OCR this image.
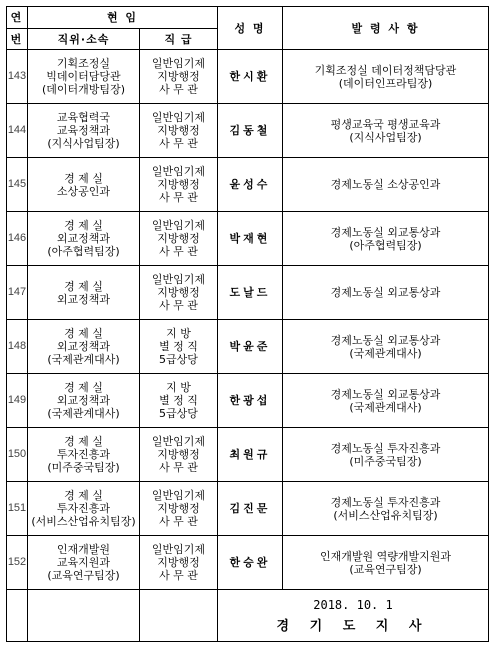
연	현 임		성 명	발 령 사 항
번	직위·소속	직 급		
143	기획조정실
빅데이터담당관
(데이터개방팀장)	일반임기제
지방행정
사 무 관	한시환	기획조정실 데이터정책담당관
(데이터인프라팀장)

144	교육협력국
교육정책과
(지식사업팀장)	일반임기제
지방행정
사 무 관	김동철	평생교육국 평생교육과
(지식사업팀장)

145	경 제 실
소상공인과	일반임기제
지방행정
사 무 관	윤성수	경제노동실 소상공인과

146	경 제 실
외교정책과
(아주협력팀장)	일반임기제
지방행정
사 무 관	박재현	경제노동실 외교통상과
(아주협력팀장)

147	경 제 실
외교정책과	일반임기제
지방행정
사 무 관	도날드	경제노동실 외교통상과

148	경 제 실
외교정책과
(국제관계대사)	지 방
별 정 직
5급상당	박윤준	경제노동실 외교통상과
(국제관계대사)

149	경 제 실
외교정책과
(국제관계대사)	지 방
별 정 직
5급상당	한광섭	경제노동실 외교통상과
(국제관계대사)

150	경 제 실
투자진흥과
(미주중국팀장)	일반임기제
지방행정
사 무 관	최원규	경제노동실 투자진흥과
(미주중국팀장)

151	경 제 실
투자진흥과
(서비스산업유치팀장)	일반임기제
지방행정
사 무 관	김진문	경제노동실 투자진흥과
(서비스산업유치팀장)

152	인재개발원
교육지원과
(교육연구팀장)	일반임기제
지방행정
사 무 관	한승완	인재개발원 역량개발지원과
(교육연구팀장)

			2018. 10. 1
경 기 도 지 사	
